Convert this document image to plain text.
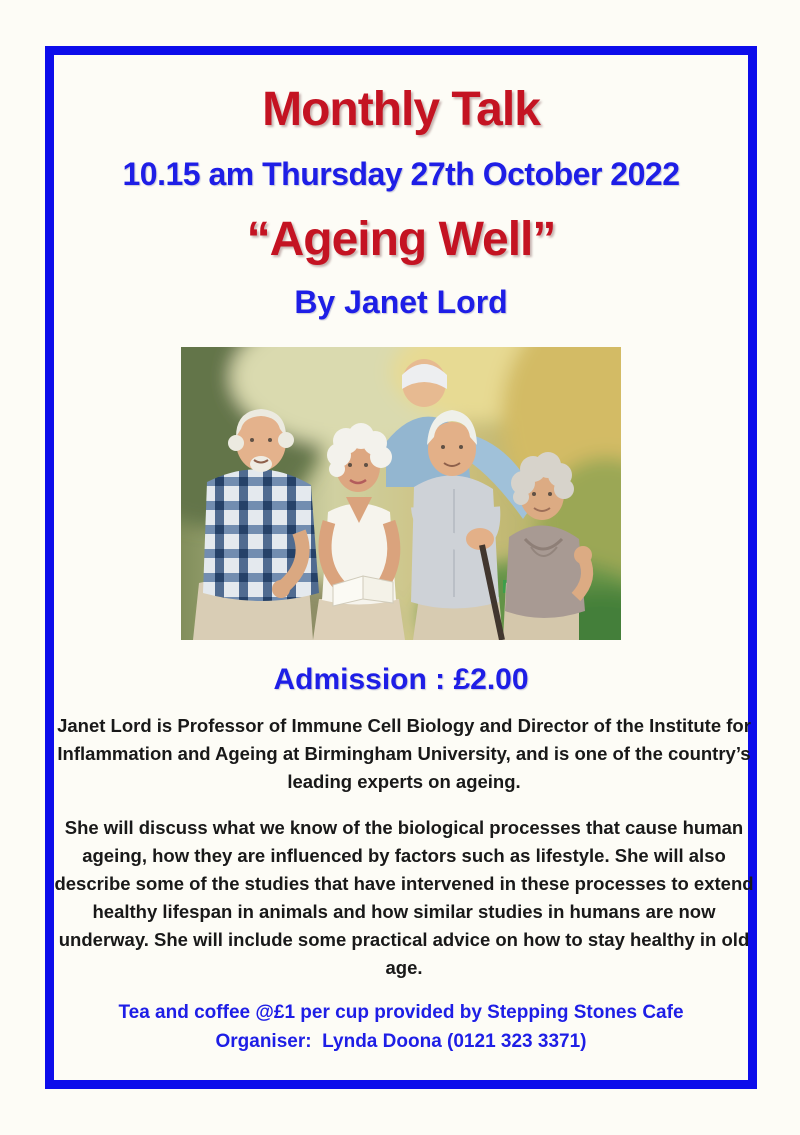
Monthly Talk
10.15 am Thursday 27th October 2022
“Ageing Well”
By Janet Lord
Admission : £2.00

Janet Lord is Professor of Immune Cell Biology and Director of the Institute for Inflammation and Ageing at Birmingham University, and is one of the country’s leading experts on ageing.

She will discuss what we know of the biological processes that cause human ageing, how they are influenced by factors such as lifestyle. She will also describe some of the studies that have intervened in these processes to extend healthy lifespan in animals and how similar studies in humans are now underway. She will include some practical advice on how to stay healthy in old age.

Tea and coffee @£1 per cup provided by Stepping Stones Cafe
Organiser:  Lynda Doona (0121 323 3371)
